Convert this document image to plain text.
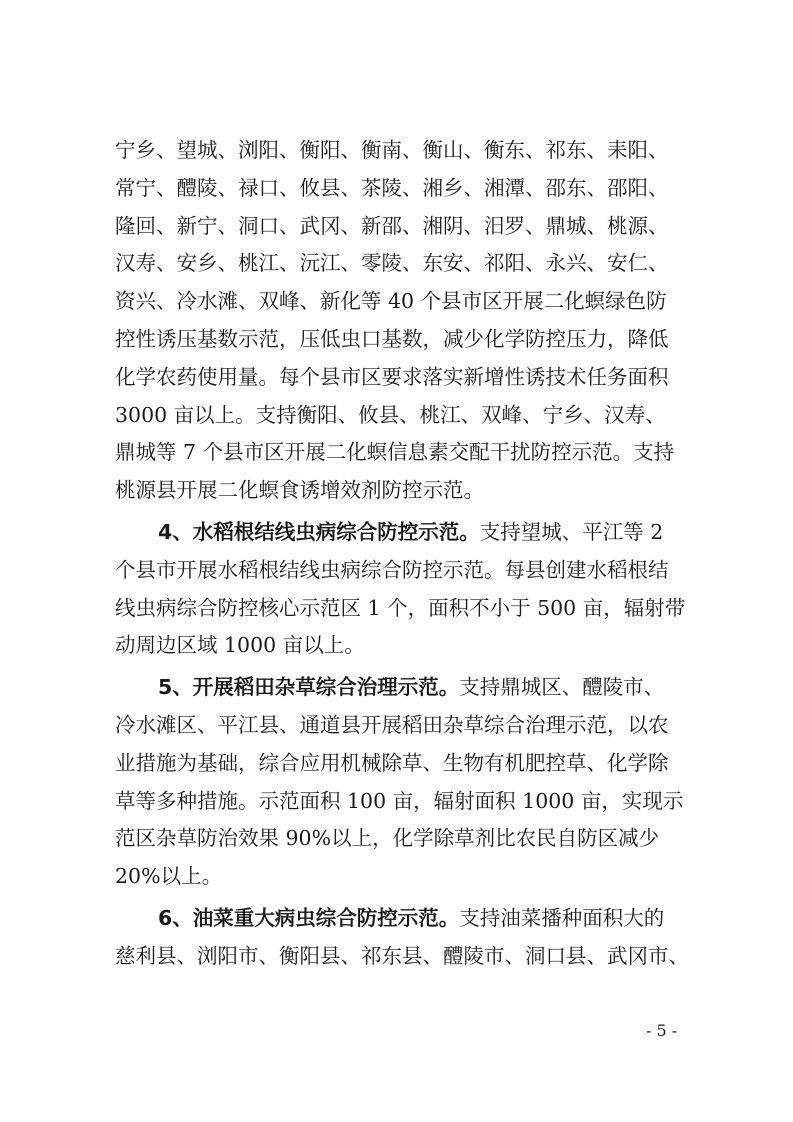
宁乡、望城、浏阳、衡阳、衡南、衡山、衡东、祁东、耒阳、
常宁、醴陵、禄口、攸县、茶陵、湘乡、湘潭、邵东、邵阳、
隆回、新宁、洞口、武冈、新邵、湘阴、汨罗、鼎城、桃源、
汉寿、安乡、桃江、沅江、零陵、东安、祁阳、永兴、安仁、
资兴、冷水滩、双峰、新化等 40 个县市区开展二化螟绿色防
控性诱压基数示范，压低虫口基数，减少化学防控压力，降低
化学农药使用量。每个县市区要求落实新增性诱技术任务面积
3000 亩以上。支持衡阳、攸县、桃江、双峰、宁乡、汉寿、
鼎城等 7 个县市区开展二化螟信息素交配干扰防控示范。支持
桃源县开展二化螟食诱增效剂防控示范。
4、水稻根结线虫病综合防控示范。支持望城、平江等 2
个县市开展水稻根结线虫病综合防控示范。每县创建水稻根结
线虫病综合防控核心示范区 1 个，面积不小于 500 亩，辐射带
动周边区域 1000 亩以上。
5、开展稻田杂草综合治理示范。支持鼎城区、醴陵市、
冷水滩区、平江县、通道县开展稻田杂草综合治理示范，以农
业措施为基础，综合应用机械除草、生物有机肥控草、化学除
草等多种措施。示范面积 100 亩，辐射面积 1000 亩，实现示
范区杂草防治效果 90%以上，化学除草剂比农民自防区减少
20%以上。
6、油菜重大病虫综合防控示范。支持油菜播种面积大的
慈利县、浏阳市、衡阳县、祁东县、醴陵市、洞口县、武冈市、
- 5 -
